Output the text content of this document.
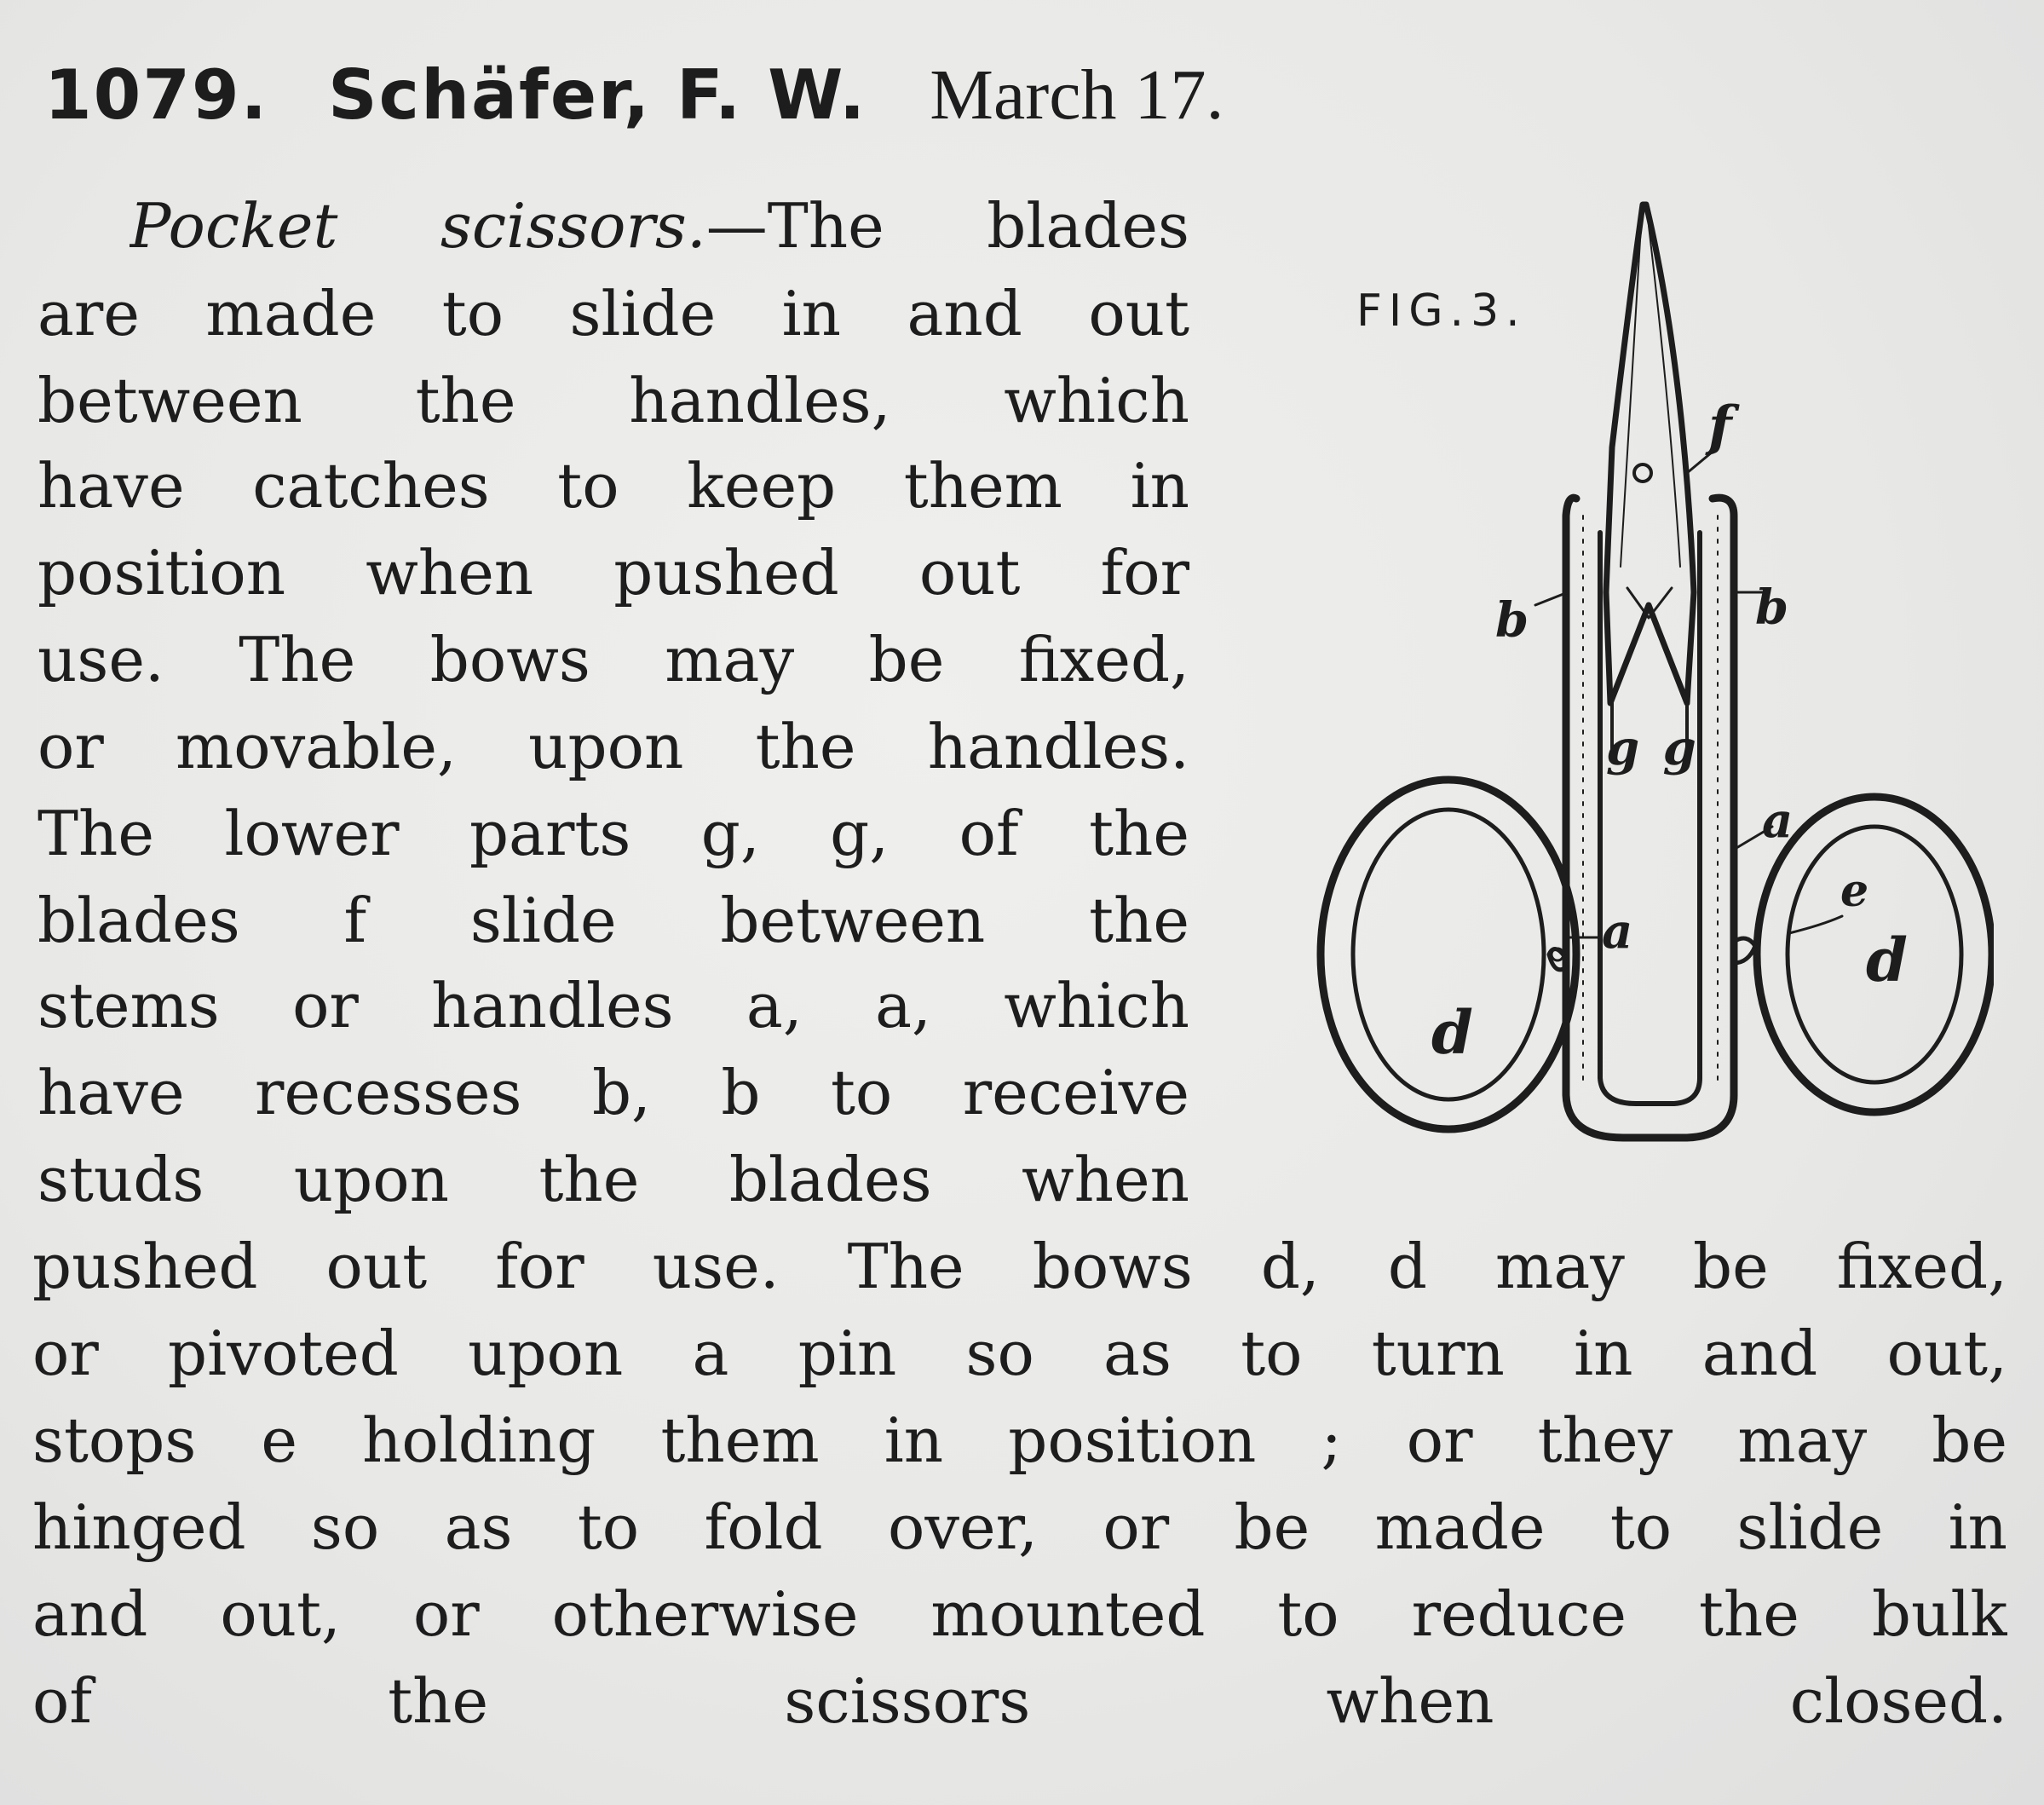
1079. Schäfer, F. W. March 17.
Pocket scissors.—The blades
are made to slide in and out
between the handles, which
have catches to keep them in
position when pushed out for
use. The bows may be fixed,
or movable, upon the handles.
The lower parts g, g, of the
blades f slide between the
stems or handles a, a, which
have recesses b, b to receive
studs upon the blades when
pushed out for use. The bows d, d may be fixed,
or pivoted upon a pin so as to turn in and out,
stops e holding them in position ; or they may be
hinged so as to fold over, or be made to slide in
and out, or otherwise mounted to reduce the bulk
of the scissors when closed.
FIG.3.
f
b	b
g g
a
a
e
d
d
